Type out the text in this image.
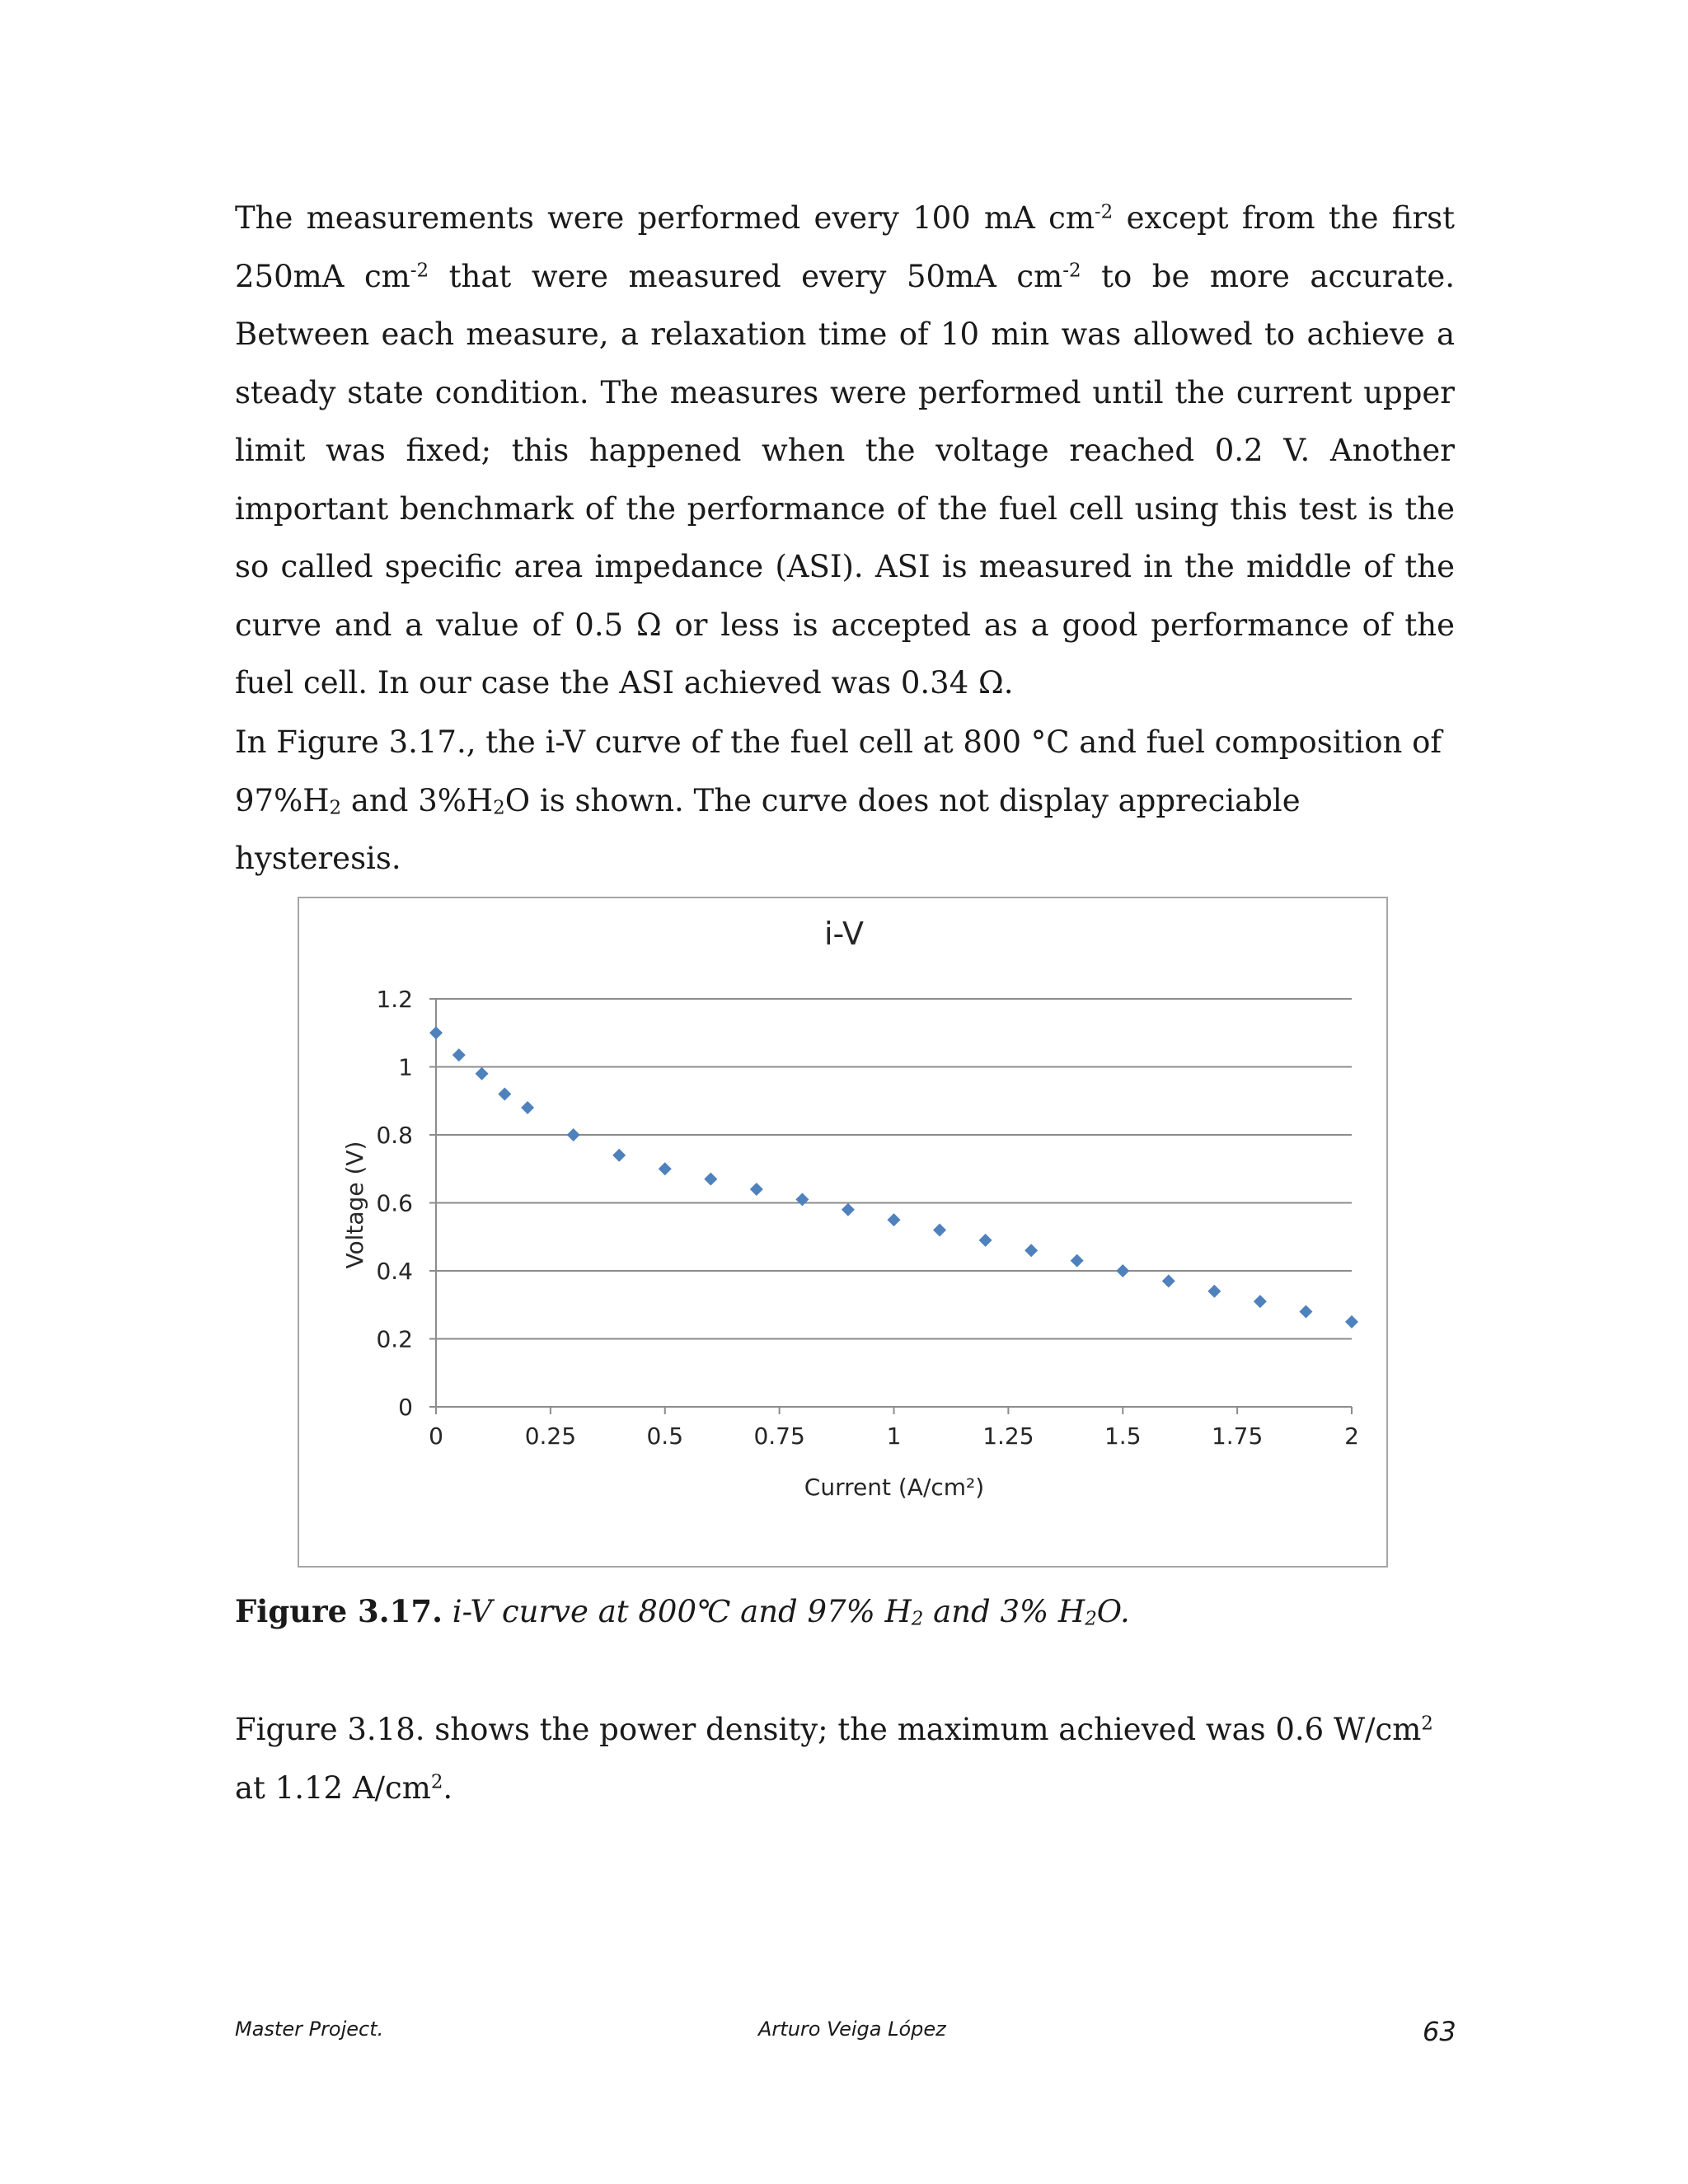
The measurements were performed every 100 mA $cm^{-2}$ except from the first 250mA $cm^{-2}$ that were measured every 50mA $cm^{-2}$ to be more accurate. Between each measure, a relaxation time of 10 min was allowed to achieve a steady state condition. The measures were performed until the current upper limit was fixed; this happened when the voltage reached 0.2 V. Another important benchmark of the performance of the fuel cell using this test is the so called specific area impedance (ASI). ASI is measured in the middle of the curve and a value of 0.5 Ω or less is accepted as a good performance of the fuel cell. In our case the ASI achieved was 0.34 Ω.

In Figure 3.17., the i-V curve of the fuel cell at 800 °C and fuel composition of $97\%H_2$ and $3\%H_2O$ is shown. The curve does not display appreciable hysteresis.

i-V
0
0.2
0.4
0.6
0.8
1
1.2
0	0.25	0.5	0.75	1	1.25	1.5	1.75	2
Current (A/cm²)
Voltage (V)

Figure 3.17. i-V curve at 800℃ and 97% $H_2$ and 3% $H_2O$.

Figure 3.18. shows the power density; the maximum achieved was 0.6 $W/cm^2$ at 1.12 $A/cm^2$.

Master Project.	Arturo Veiga López	63
